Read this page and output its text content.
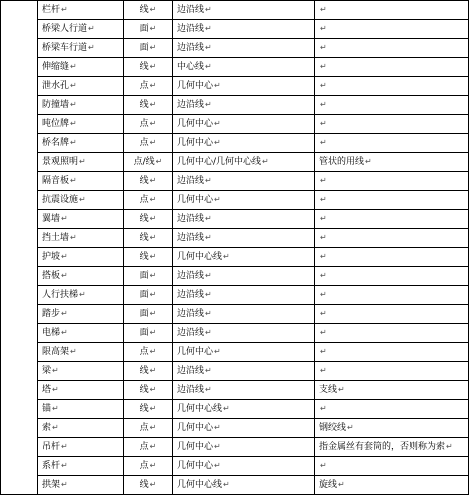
	栏杆↵	线↵	边沿线↵	↵
	桥梁人行道↵	面↵	边沿线↵	↵
	桥梁车行道↵	面↵	边沿线↵	↵
	伸缩缝↵	线↵	中心线↵	↵
	泄水孔↵	点↵	几何中心↵	↵
	防撞墙↵	线↵	边沿线↵	↵
	吨位牌↵	点↵	几何中心↵	↵
	桥名牌↵	点↵	几何中心↵	↵
	景观照明↵	点/线↵	几何中心/几何中心线↵	管状的用线↵
	隔音板↵	线↵	边沿线↵	↵
	抗震设施↵	点↵	几何中心↵	↵
	翼墙↵	线↵	边沿线↵	↵
	挡土墙↵	线↵	边沿线↵	↵
	护坡↵	线↵	几何中心线↵	↵
	搭板↵	面↵	边沿线↵	↵
	人行扶梯↵	面↵	边沿线↵	↵
	踏步↵	面↵	边沿线↵	↵
	电梯↵	面↵	边沿线↵	↵
	限高架↵	点↵	几何中心↵	↵
	梁↵	线↵	边沿线↵	↵
	塔↵	线↵	边沿线↵	支线↵
	锚↵	线↵	几何中心线↵	↵
	索↵	点↵	几何中心↵	钢绞线↵
	吊杆↵	点↵	几何中心↵	指金属丝有套筒的，否则称为索↵
	系杆↵	点↵	几何中心↵	↵
	拱架↵	线↵	几何中心线↵	旋线↵
